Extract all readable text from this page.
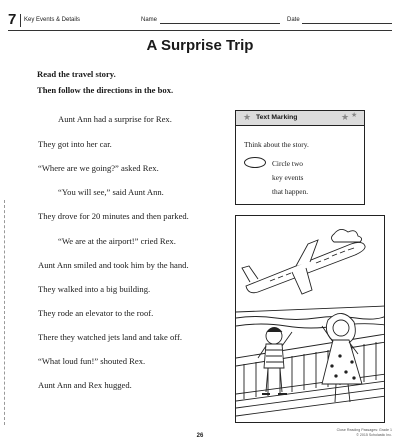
7 Key Events & Details	Name	Date
A Surprise Trip
Read the travel story.
Then follow the directions in the box.
Aunt Ann had a surprise for Rex.
They got into her car.
“Where are we going?” asked Rex.
“You will see,” said Aunt Ann.
They drove for 20 minutes and then parked.
“We are at the airport!” cried Rex.
Aunt Ann smiled and took him by the hand.
They walked into a big building.
They rode an elevator to the roof.
There they watched jets land and take off.
“What loud fun!” shouted Rex.
Aunt Ann and Rex hugged.
★ Text Marking	★ ★
Think about the story.
Circle two
key events
that happen.
26
Close Reading Passages: Grade 1
© 2015 Scholastic Inc.
